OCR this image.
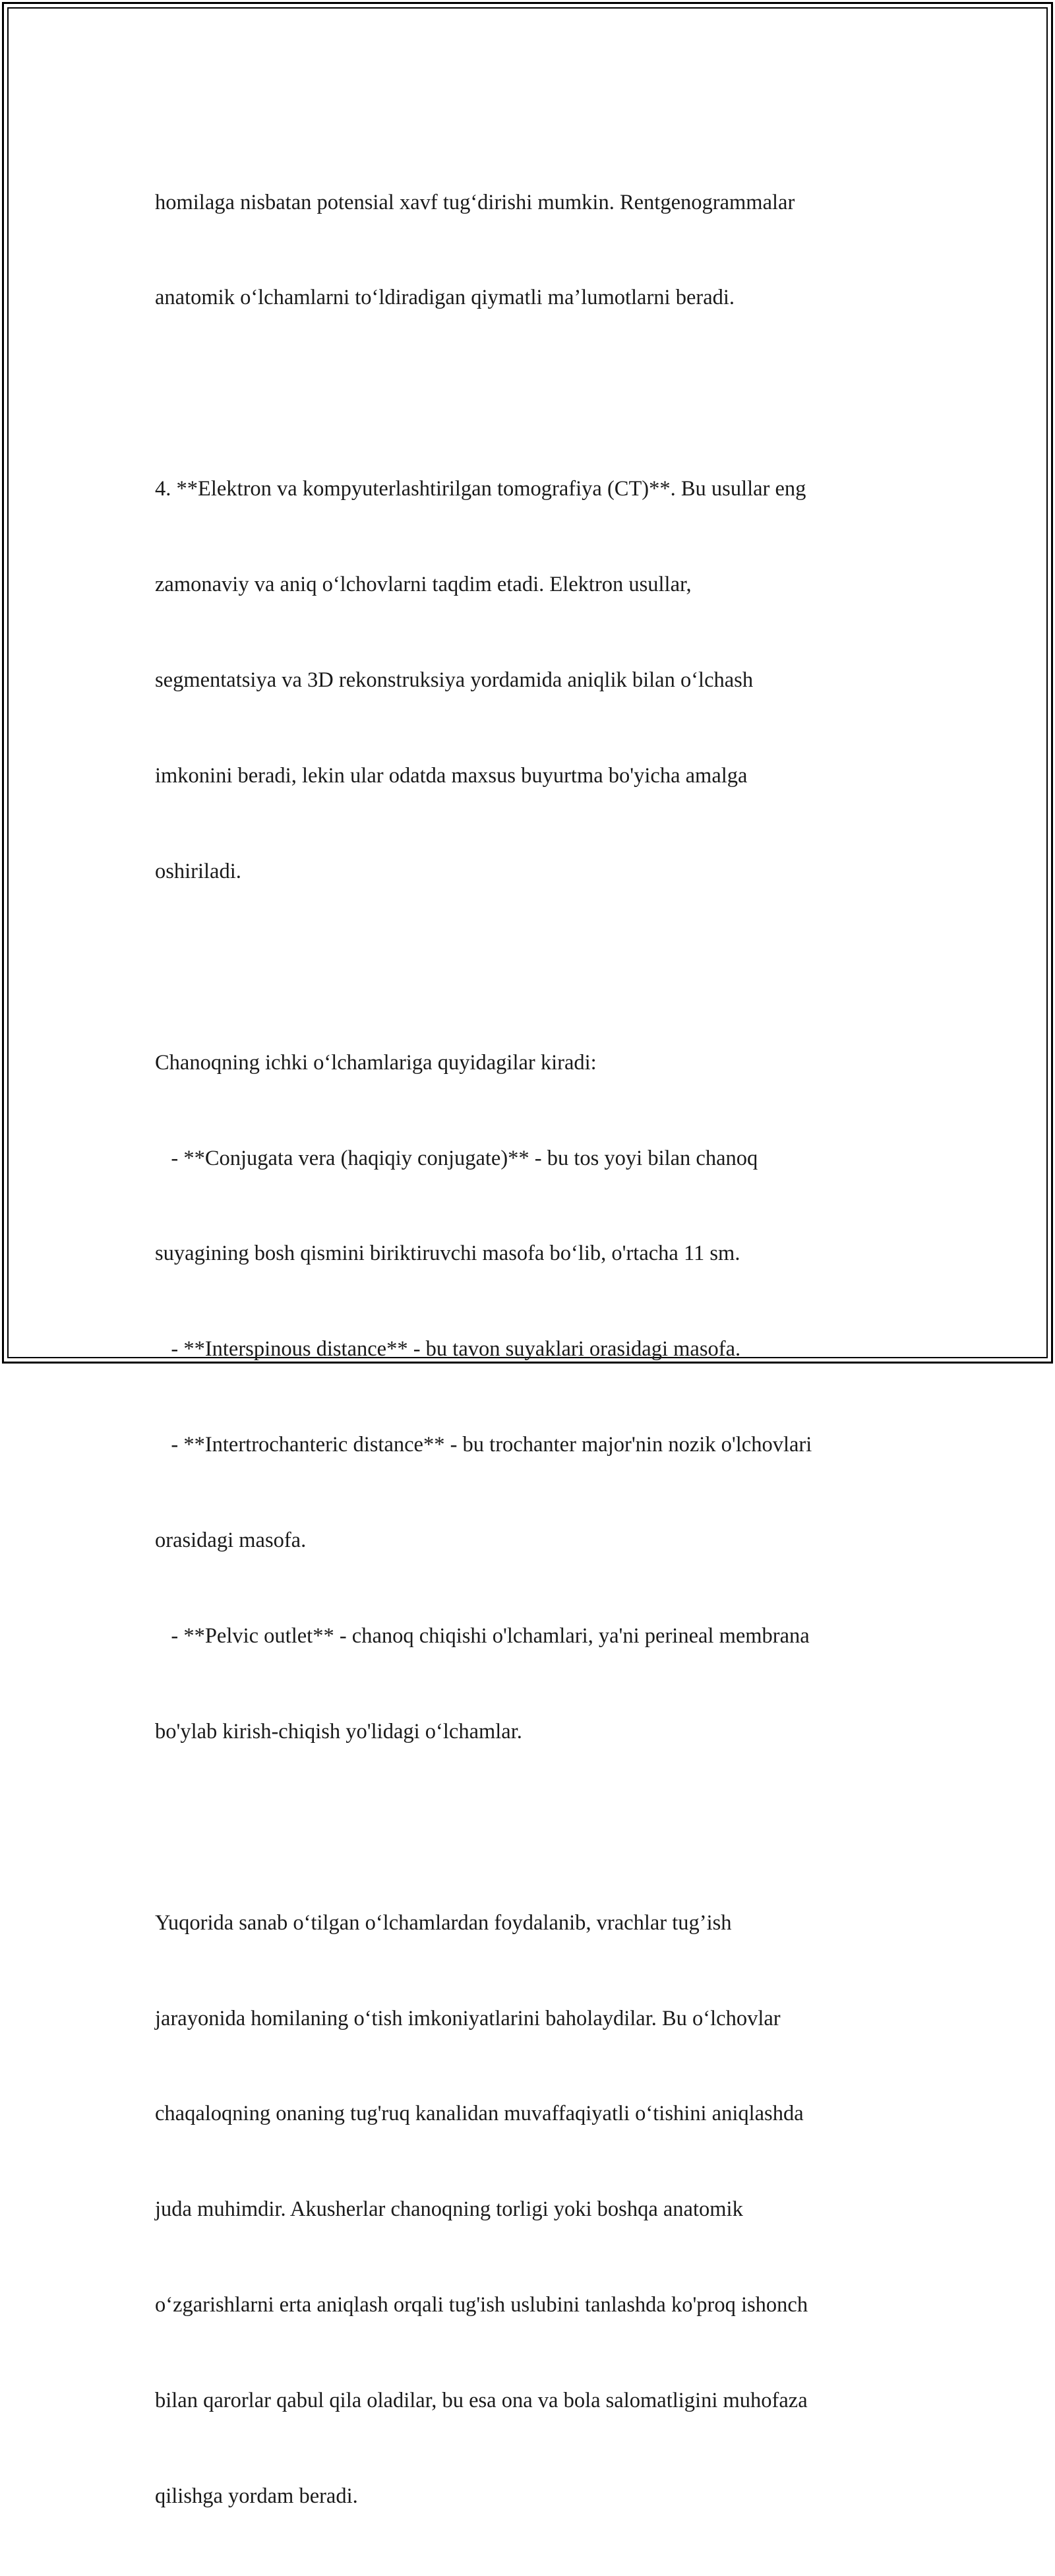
homilaga nisbatan potensial xavf tug‘dirishi mumkin. Rentgenogrammalar

anatomik o‘lchamlarni to‘ldiradigan qiymatli ma’lumotlarni beradi.

4. **Elektron va kompyuterlashtirilgan tomografiya (CT)**. Bu usullar eng

zamonaviy va aniq o‘lchovlarni taqdim etadi. Elektron usullar,

segmentatsiya va 3D rekonstruksiya yordamida aniqlik bilan o‘lchash

imkonini beradi, lekin ular odatda maxsus buyurtma bo'yicha amalga

oshiriladi.

Chanoqning ichki o‘lchamlariga quyidagilar kiradi:

- **Conjugata vera (haqiqiy conjugate)** - bu tos yoyi bilan chanoq

suyagining bosh qismini biriktiruvchi masofa bo‘lib, o'rtacha 11 sm.

- **Interspinous distance** - bu tavon suyaklari orasidagi masofa.

- **Intertrochanteric distance** - bu trochanter major'nin nozik o'lchovlari

orasidagi masofa.

- **Pelvic outlet** - chanoq chiqishi o'lchamlari, ya'ni perineal membrana

bo'ylab kirish-chiqish yo'lidagi o‘lchamlar.

Yuqorida sanab o‘tilgan o‘lchamlardan foydalanib, vrachlar tug’ish

jarayonida homilaning o‘tish imkoniyatlarini baholaydilar. Bu o‘lchovlar

chaqaloqning onaning tug'ruq kanalidan muvaffaqiyatli o‘tishini aniqlashda

juda muhimdir. Akusherlar chanoqning torligi yoki boshqa anatomik

o‘zgarishlarni erta aniqlash orqali tug'ish uslubini tanlashda ko'proq ishonch

bilan qarorlar qabul qila oladilar, bu esa ona va bola salomatligini muhofaza

qilishga yordam beradi.
